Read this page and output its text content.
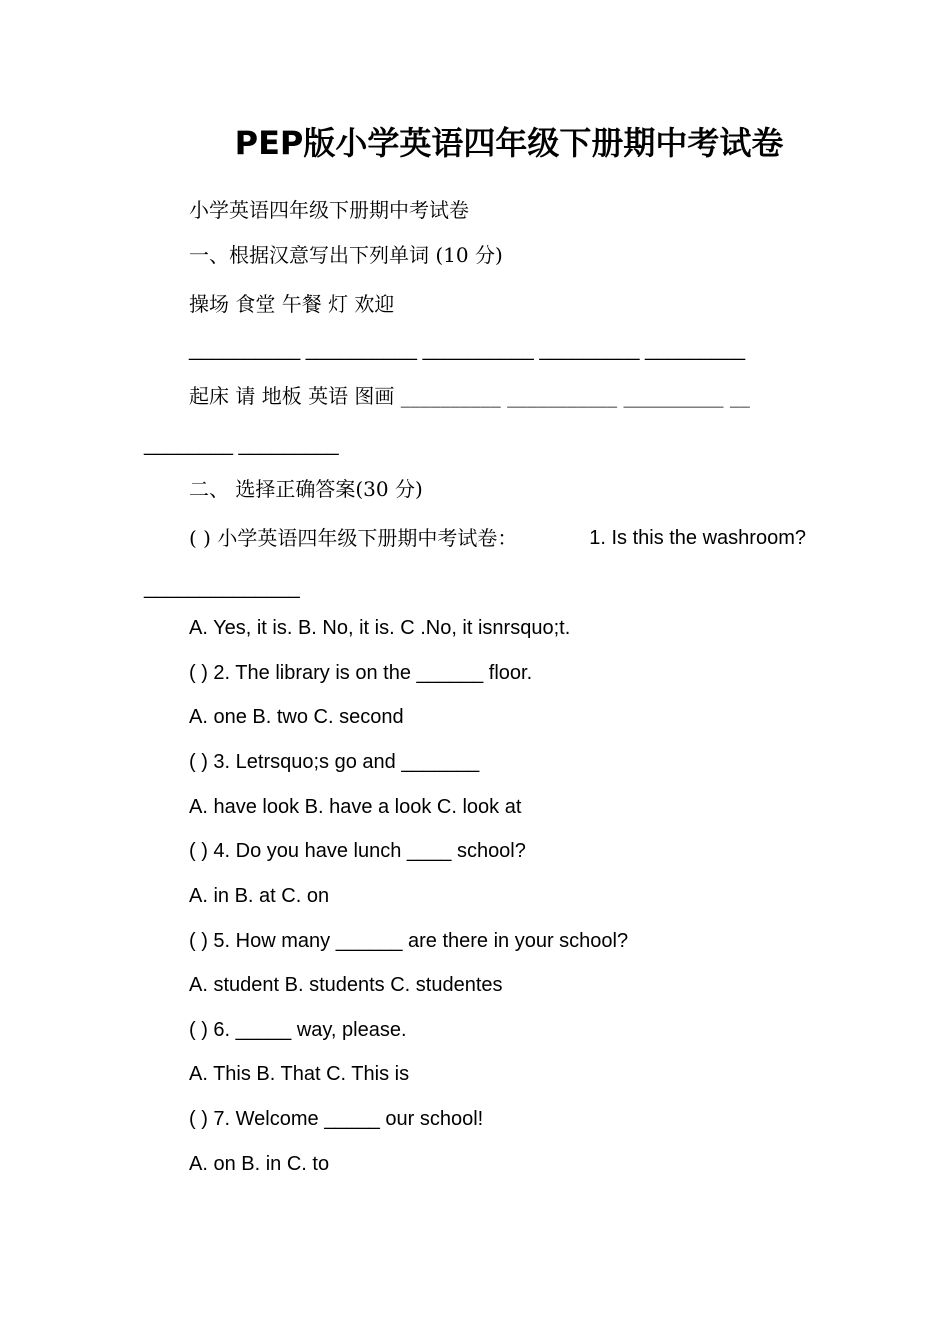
PEP版小学英语四年级下册期中考试卷
小学英语四年级下册期中考试卷
一、根据汉意写出下列单词 (10 分)
操场 食堂 午餐 灯 欢迎
__________ __________ __________ _________ _________
起床 请 地板 英语 图画 __________ ___________ __________ __
________ _________
二、 选择正确答案(30 分)
( ) 小学英语四年级下册期中考试卷：	1. Is this the washroom?
______________
A. Yes, it is. B. No, it is. C .No, it isnrsquo;t.
( ) 2. The library is on the ______ floor.
A. one B. two C. second
( ) 3. Letrsquo;s go and _______
A. have look B. have a look C. look at
( ) 4. Do you have lunch ____ school?
A. in B. at C. on
( ) 5. How many ______ are there in your school?
A. student B. students C. studentes
( ) 6. _____ way, please.
A. This B. That C. This is
( ) 7. Welcome _____ our school!
A. on B. in C. to
